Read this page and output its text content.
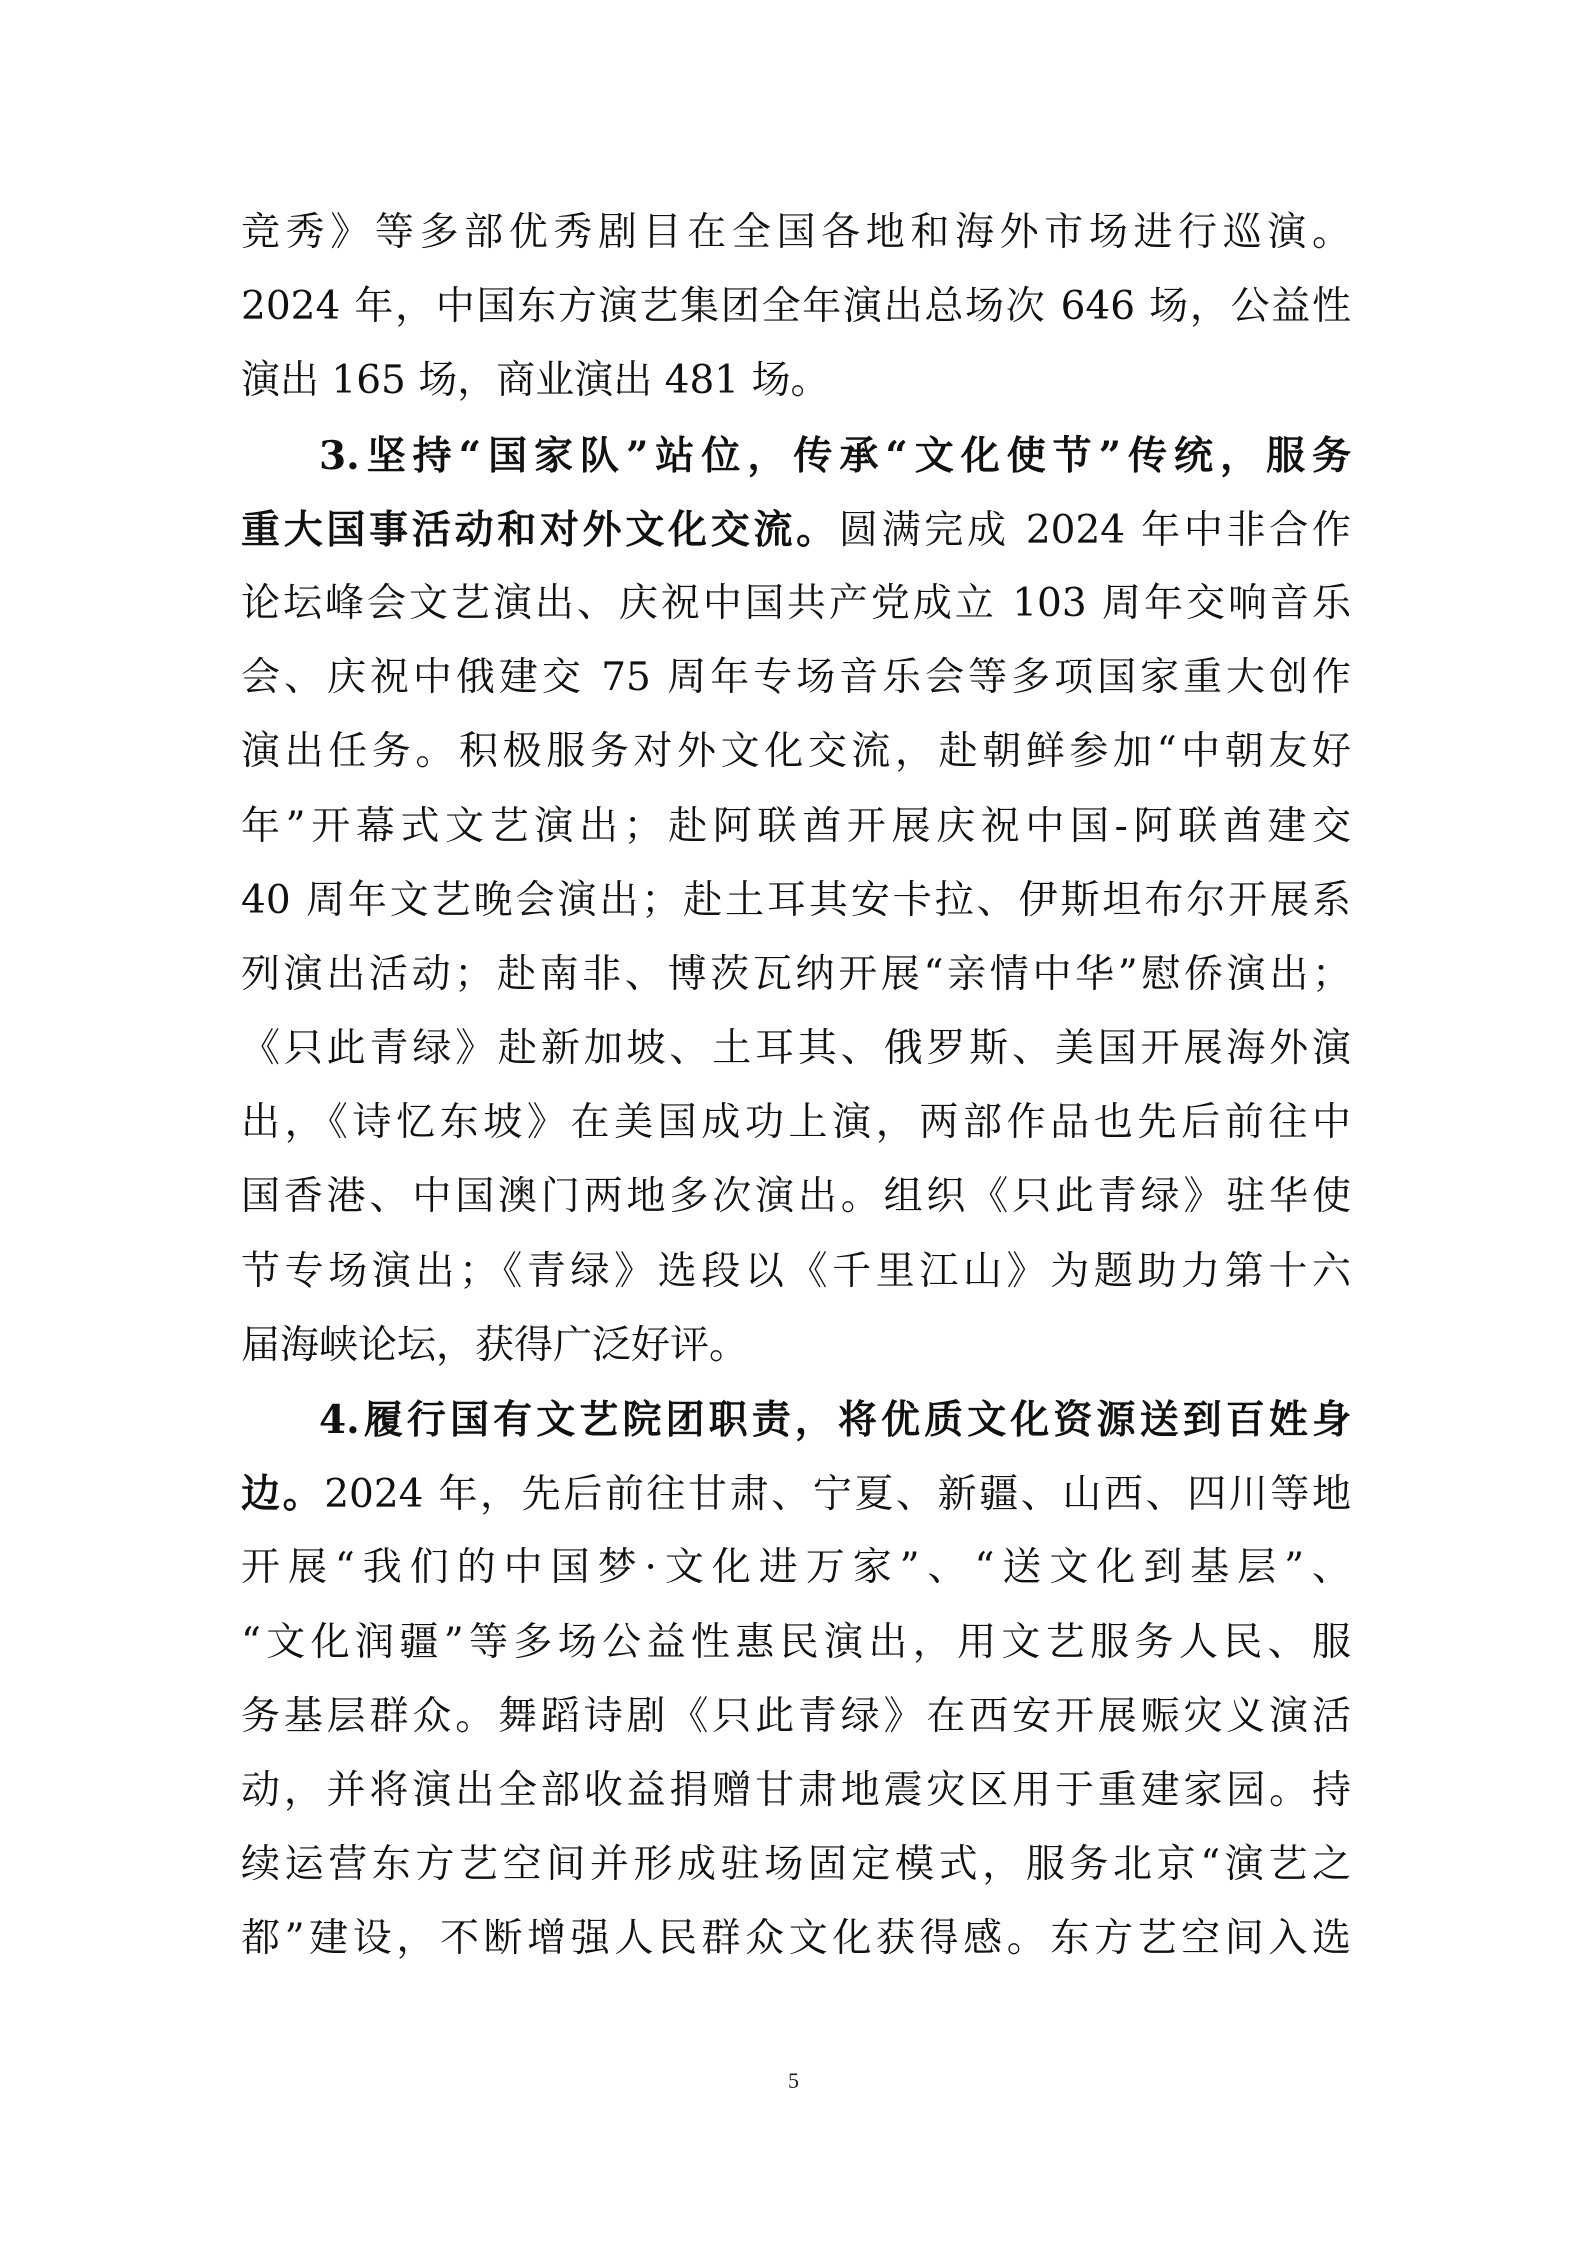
竞秀》等多部优秀剧目在全国各地和海外市场进行巡演。
2024 年，中国东方演艺集团全年演出总场次 646 场，公益性
演出 165 场，商业演出 481 场。
3.坚持“国家队”站位，传承“文化使节”传统，服务
重大国事活动和对外文化交流。圆满完成 2024 年中非合作
论坛峰会文艺演出、庆祝中国共产党成立 103 周年交响音乐
会、庆祝中俄建交 75 周年专场音乐会等多项国家重大创作
演出任务。积极服务对外文化交流，赴朝鲜参加“中朝友好
年”开幕式文艺演出；赴阿联酋开展庆祝中国-阿联酋建交
40 周年文艺晚会演出；赴土耳其安卡拉、伊斯坦布尔开展系
列演出活动；赴南非、博茨瓦纳开展“亲情中华”慰侨演出；
《只此青绿》赴新加坡、土耳其、俄罗斯、美国开展海外演
出，《诗忆东坡》在美国成功上演，两部作品也先后前往中
国香港、中国澳门两地多次演出。组织《只此青绿》驻华使
节专场演出；《青绿》选段以《千里江山》为题助力第十六
届海峡论坛，获得广泛好评。
4.履行国有文艺院团职责，将优质文化资源送到百姓身
边。2024 年，先后前往甘肃、宁夏、新疆、山西、四川等地
开展“我们的中国梦·文化进万家”、“送文化到基层”、
“文化润疆”等多场公益性惠民演出，用文艺服务人民、服
务基层群众。舞蹈诗剧《只此青绿》在西安开展赈灾义演活
动，并将演出全部收益捐赠甘肃地震灾区用于重建家园。持
续运营东方艺空间并形成驻场固定模式，服务北京“演艺之
都”建设，不断增强人民群众文化获得感。东方艺空间入选
5
